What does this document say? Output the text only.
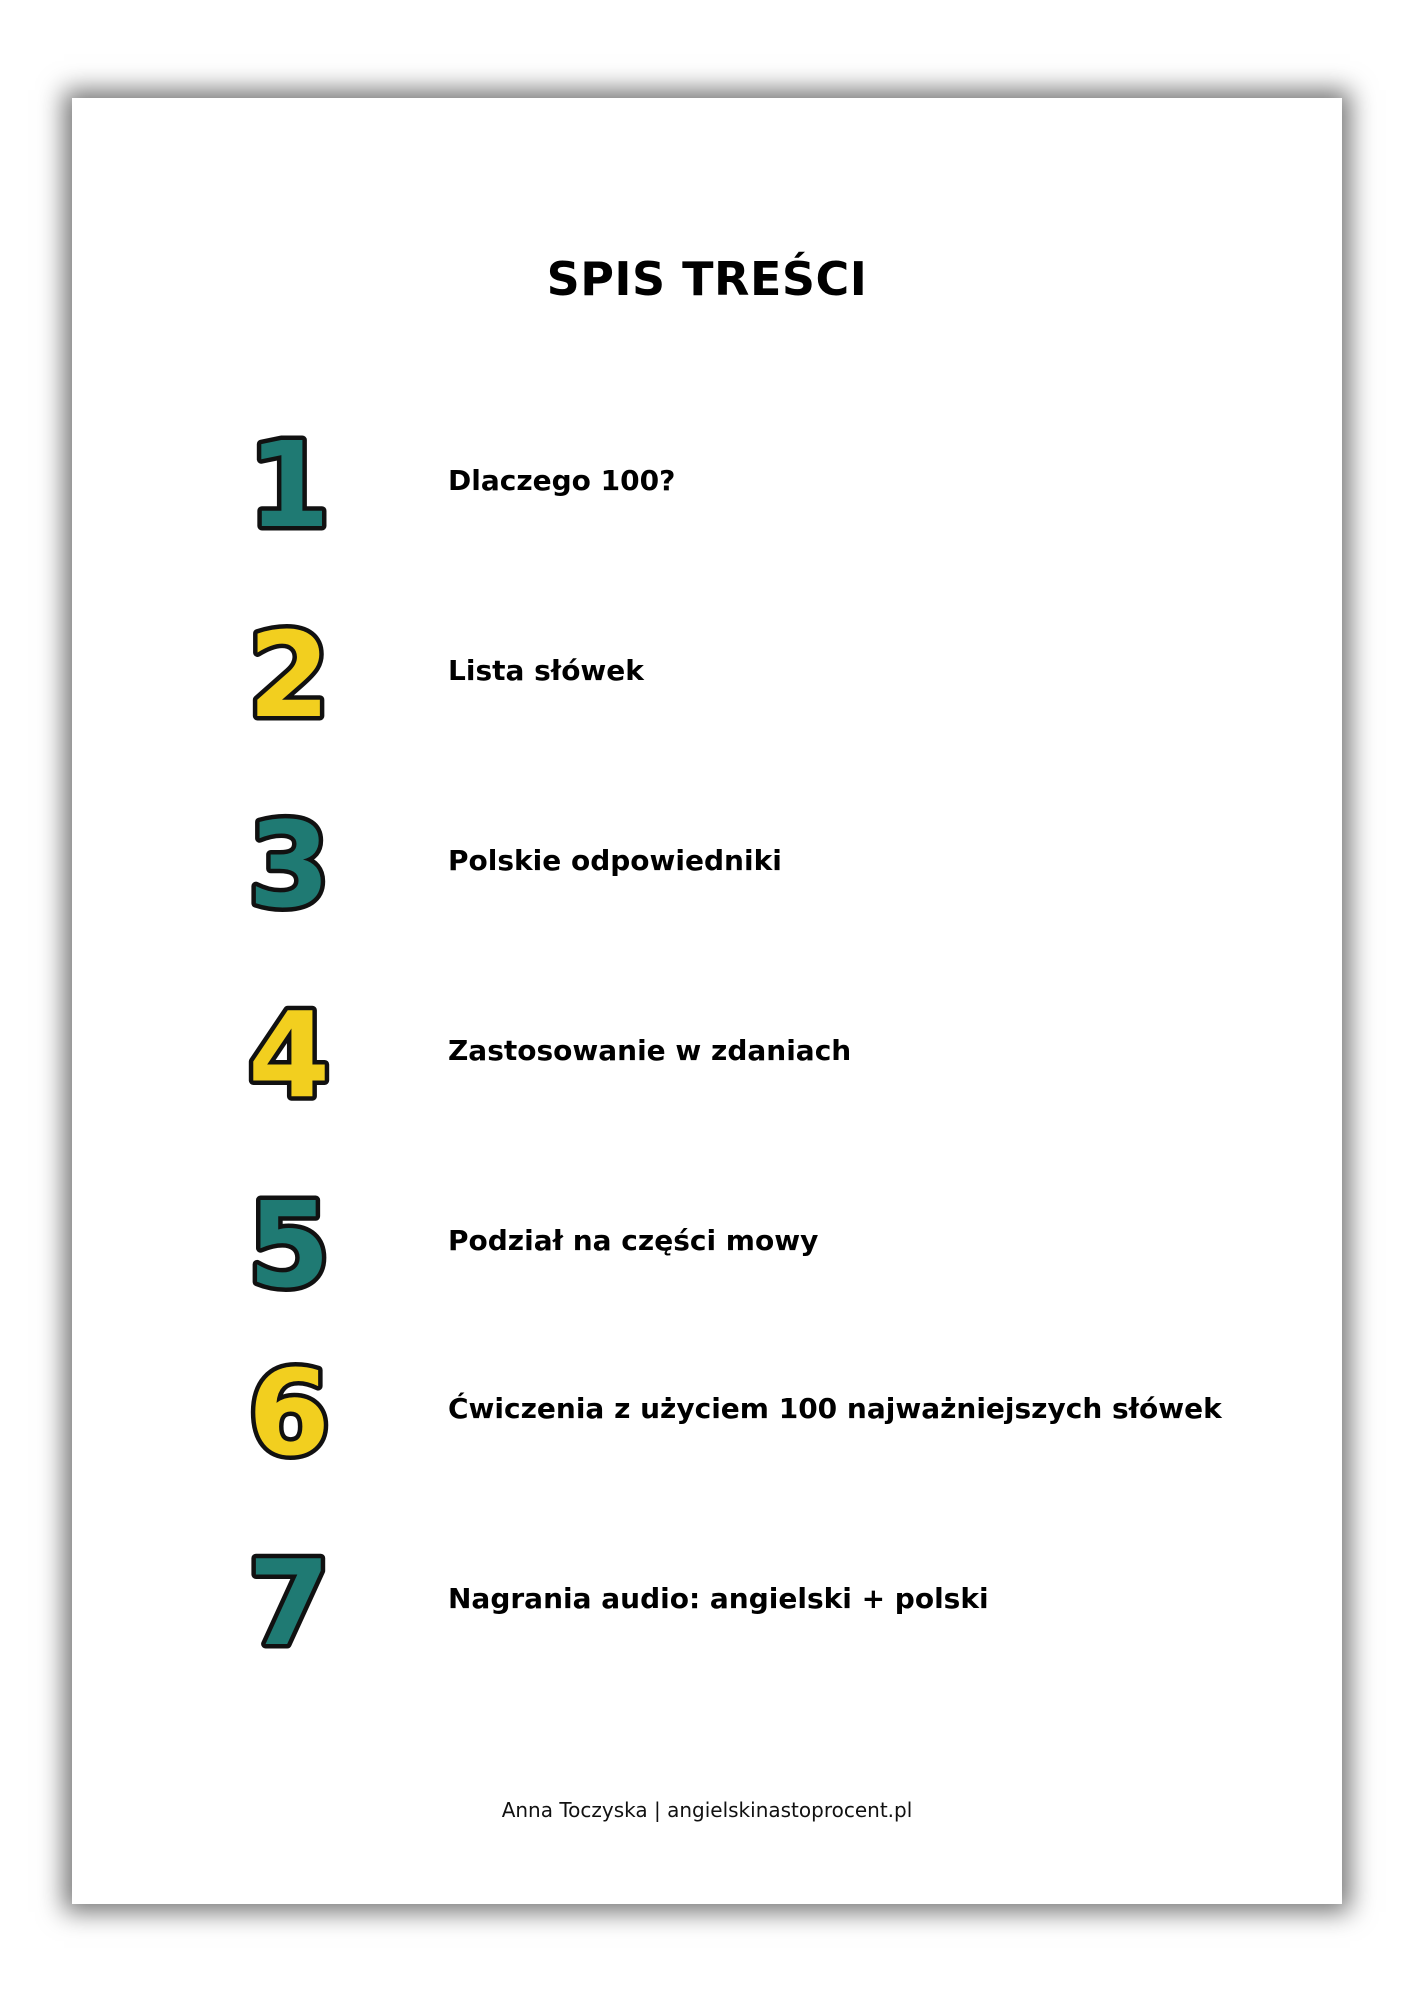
SPIS TREŚCI
1	Dlaczego 100?
2	Lista słówek
3	Polskie odpowiedniki
4	Zastosowanie w zdaniach
5	Podział na części mowy
6	Ćwiczenia z użyciem 100 najważniejszych słówek
7	Nagrania audio: angielski + polski
Anna Toczyska | angielskinastoprocent.pl
